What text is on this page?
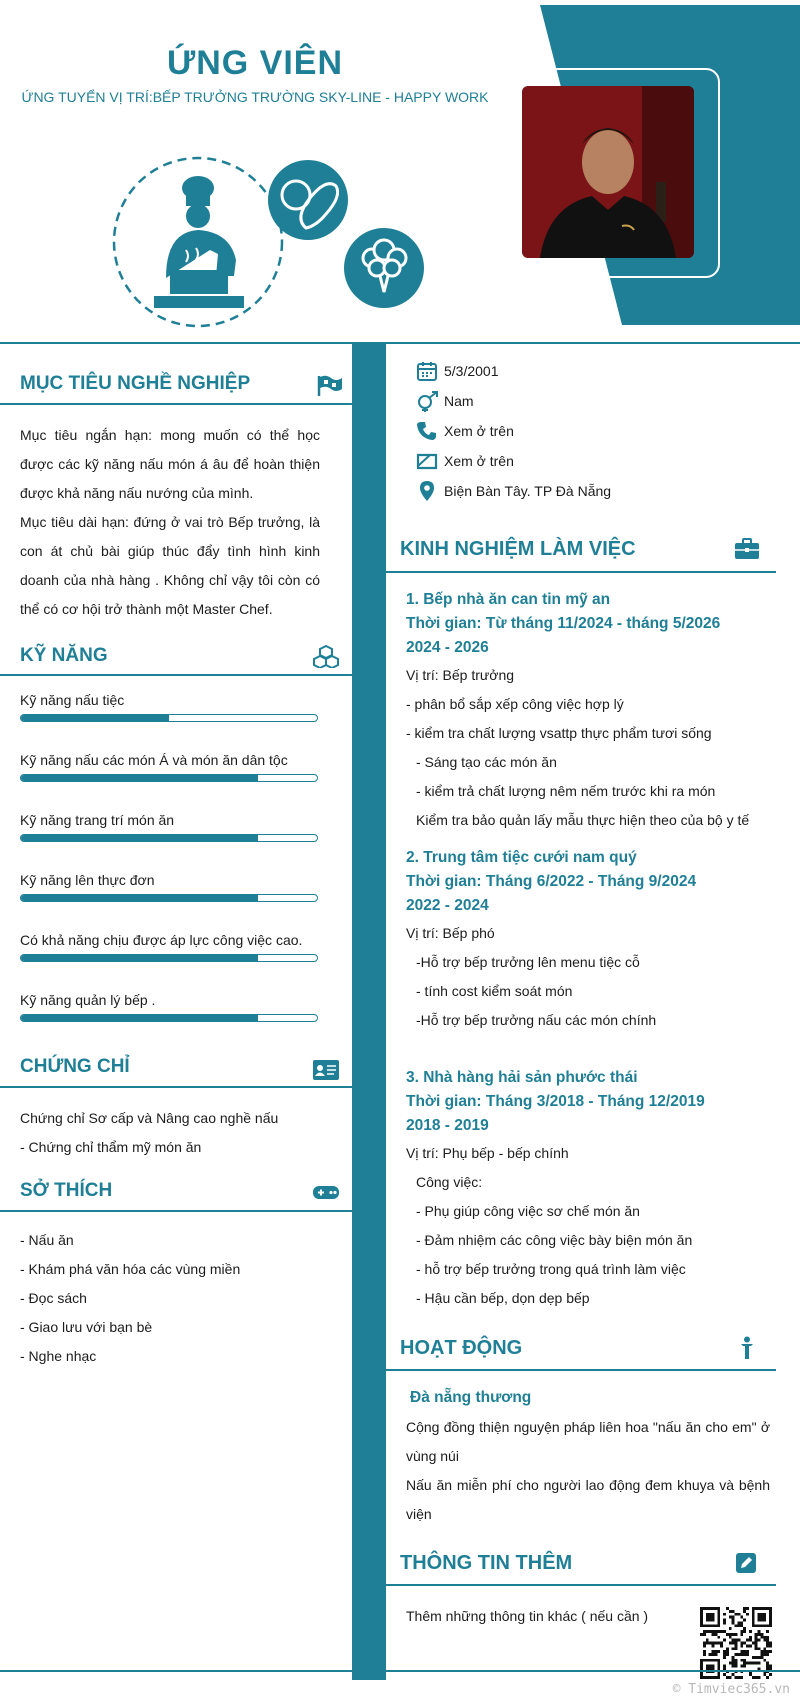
ỨNG VIÊN
ỨNG TUYỂN VỊ TRÍ:BẾP TRƯỞNG TRƯỜNG SKY-LINE - HAPPY WORK
MỤC TIÊU NGHỀ NGHIỆP
Mục tiêu ngắn hạn: mong muốn có thể học được các kỹ năng nấu món á âu để hoàn thiện được khả năng nấu nướng của mình.
Mục tiêu dài hạn: đứng ở vai trò Bếp trưởng, là con át chủ bài giúp thúc đẩy tình hình kinh doanh của nhà hàng . Không chỉ vậy tôi còn có thể có cơ hội trở thành một Master Chef.
KỸ NĂNG
Kỹ năng nấu tiệc
Kỹ năng nấu các món Á và món ăn dân tộc
Kỹ năng trang trí món ăn
Kỹ năng lên thực đơn
Có khả năng chịu được áp lực công việc cao.
Kỹ năng quản lý bếp .
CHỨNG CHỈ
Chứng chỉ Sơ cấp và Nâng cao nghề nấu
- Chứng chỉ thẩm mỹ món ăn
SỞ THÍCH
- Nấu ăn
- Khám phá văn hóa các vùng miền
- Đọc sách
- Giao lưu với bạn bè
- Nghe nhạc
5/3/2001
Nam
Xem ở trên
Xem ở trên
Biện Bàn Tây. TP Đà Nẵng
KINH NGHIỆM LÀM VIỆC
1. Bếp nhà ăn can tin mỹ an
Thời gian: Từ tháng 11/2024 - tháng 5/2026
2024 - 2026
Vị trí: Bếp trưởng
- phân bổ sắp xếp công việc hợp lý
- kiểm tra chất lượng vsattp thực phẩm tươi sống
- Sáng tạo các món ăn
- kiểm trả chất lượng nêm nếm trước khi ra món
Kiểm tra bảo quản lấy mẫu thực hiện theo của bộ y tế
2. Trung tâm tiệc cưới nam quý
Thời gian: Tháng 6/2022 - Tháng 9/2024
2022 - 2024
Vị trí: Bếp phó
-Hỗ trợ bếp trưởng lên menu tiệc cỗ
- tính cost kiểm soát món
-Hỗ trợ bếp trưởng nấu các món chính
3. Nhà hàng hải sản phước thái
Thời gian: Tháng 3/2018 - Tháng 12/2019
2018 - 2019
Vị trí: Phụ bếp - bếp chính
Công việc:
- Phụ giúp công việc sơ chế món ăn
- Đảm nhiệm các công việc bày biện món ăn
- hỗ trợ bếp trưởng trong quá trình làm việc
- Hậu cần bếp, dọn dẹp bếp
HOẠT ĐỘNG
Đà nẵng thương
Cộng đồng thiện nguyện pháp liên hoa "nấu ăn cho em" ở vùng núi
Nấu ăn miễn phí cho người lao động đem khuya và bệnh viện
THÔNG TIN THÊM
Thêm những thông tin khác ( nếu cần )
© Timviec365.vn
